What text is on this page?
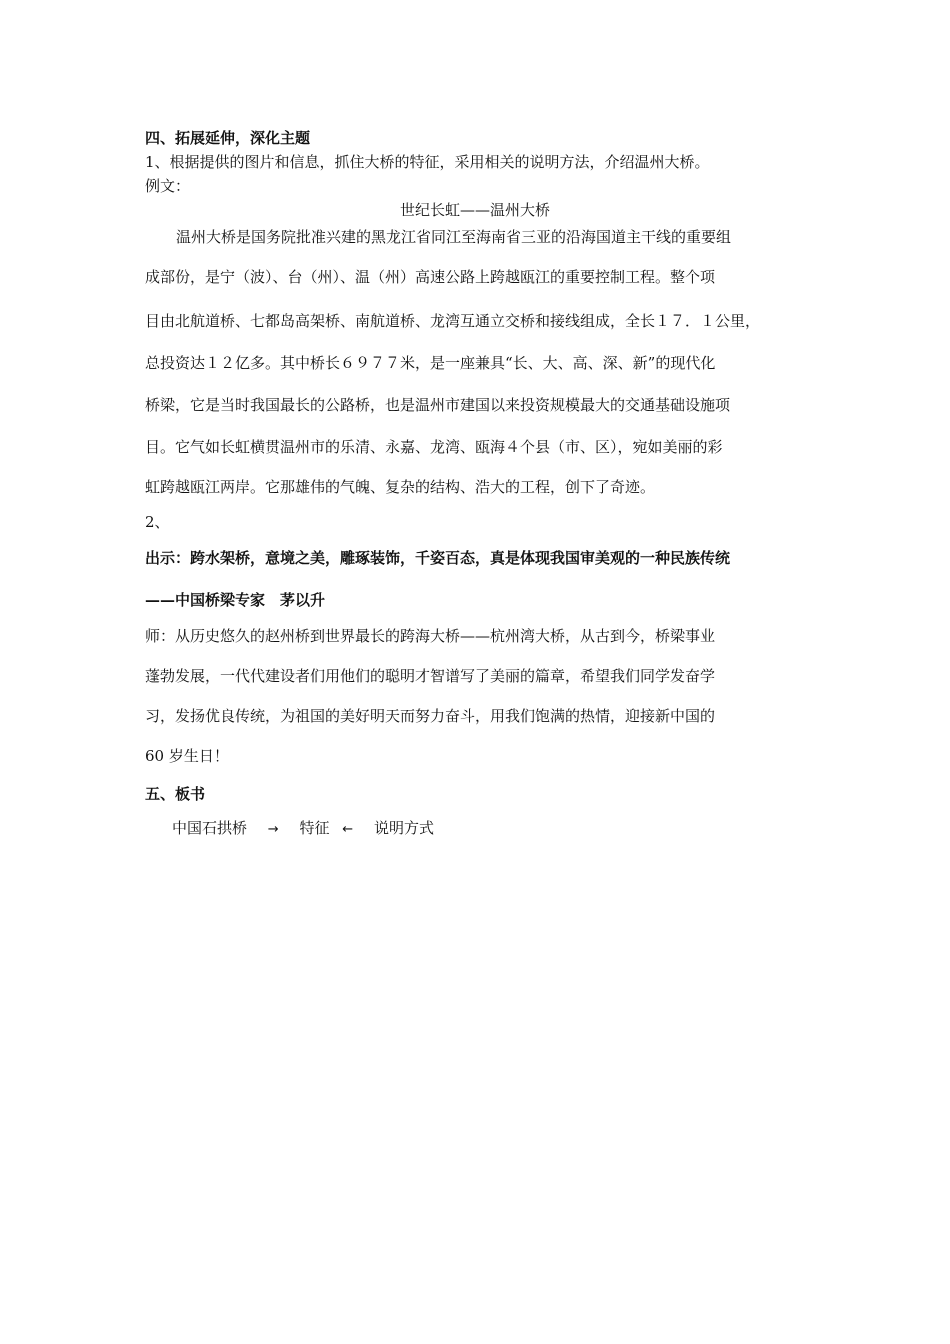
四、拓展延伸，深化主题
1、根据提供的图片和信息，抓住大桥的特征，采用相关的说明方法，介绍温州大桥。
例文：
世纪长虹——温州大桥
温州大桥是国务院批准兴建的黑龙江省同江至海南省三亚的沿海国道主干线的重要组
成部份，是宁（波）、台（州）、温（州）高速公路上跨越瓯江的重要控制工程。整个项
目由北航道桥、七都岛高架桥、南航道桥、龙湾互通立交桥和接线组成，全长１７．１公里，
总投资达１２亿多。其中桥长６９７７米，是一座兼具“长、大、高、深、新”的现代化
桥梁，它是当时我国最长的公路桥，也是温州市建国以来投资规模最大的交通基础设施项
目。它气如长虹横贯温州市的乐清、永嘉、龙湾、瓯海４个县（市、区），宛如美丽的彩
虹跨越瓯江两岸。它那雄伟的气魄、复杂的结构、浩大的工程，创下了奇迹。
2、
出示：跨水架桥，意境之美，雕琢装饰，千姿百态，真是体现我国审美观的一种民族传统
——中国桥梁专家　茅以升
师：从历史悠久的赵州桥到世界最长的跨海大桥——杭州湾大桥，从古到今，桥梁事业
蓬勃发展，一代代建设者们用他们的聪明才智谱写了美丽的篇章，希望我们同学发奋学
习，发扬优良传统，为祖国的美好明天而努力奋斗，用我们饱满的热情，迎接新中国的
60 岁生日！
五、板书
中国石拱桥 → 特征 ← 说明方式
